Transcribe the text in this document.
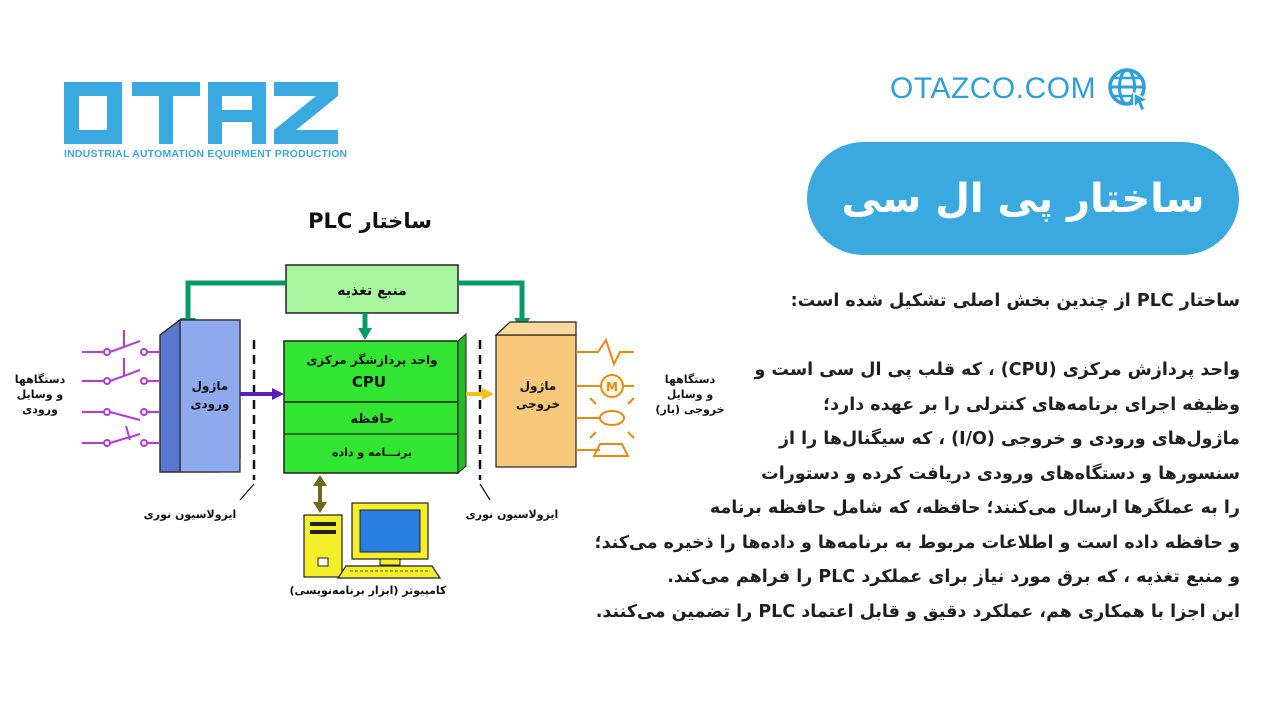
INDUSTRIAL AUTOMATION EQUIPMENT PRODUCTION
OTAZCO.COM
ساختار پی ال سی

ساختار PLC از چندین بخش اصلی تشکیل شده است:

واحد پردازش مرکزی (CPU) ، که قلب پی ال سی است و

وظیفه اجرای برنامه‌های کنترلی را بر عهده دارد؛

ماژول‌های ورودی و خروجی (I/O) ، که سیگنال‌ها را از

سنسورها و دستگاه‌های ورودی دریافت کرده و دستورات

را به عملگرها ارسال می‌کنند؛ حافظه، که شامل حافظه برنامه

و حافظه داده است و اطلاعات مربوط به برنامه‌ها و داده‌ها را ذخیره می‌کند؛

و منبع تغذیه ، که برق مورد نیاز برای عملکرد PLC را فراهم می‌کند.

این اجزا با همکاری هم، عملکرد دقیق و قابل اعتماد PLC را تضمین می‌کنند.

ساختار PLC
منبع تغذیه
واحد پردازشگر مرکزی
CPU
حافظه
برنـــامه و داده
ماژول
ورودی
ماژول
خروجی
ایزولاسیون نوری	ایزولاسیون نوری
دستگاهها
و وسایل
ورودی
M
دستگاهها
و وسایل
خروجی (بار)
کامپیوتر (ابزار برنامه‌نویسی)
